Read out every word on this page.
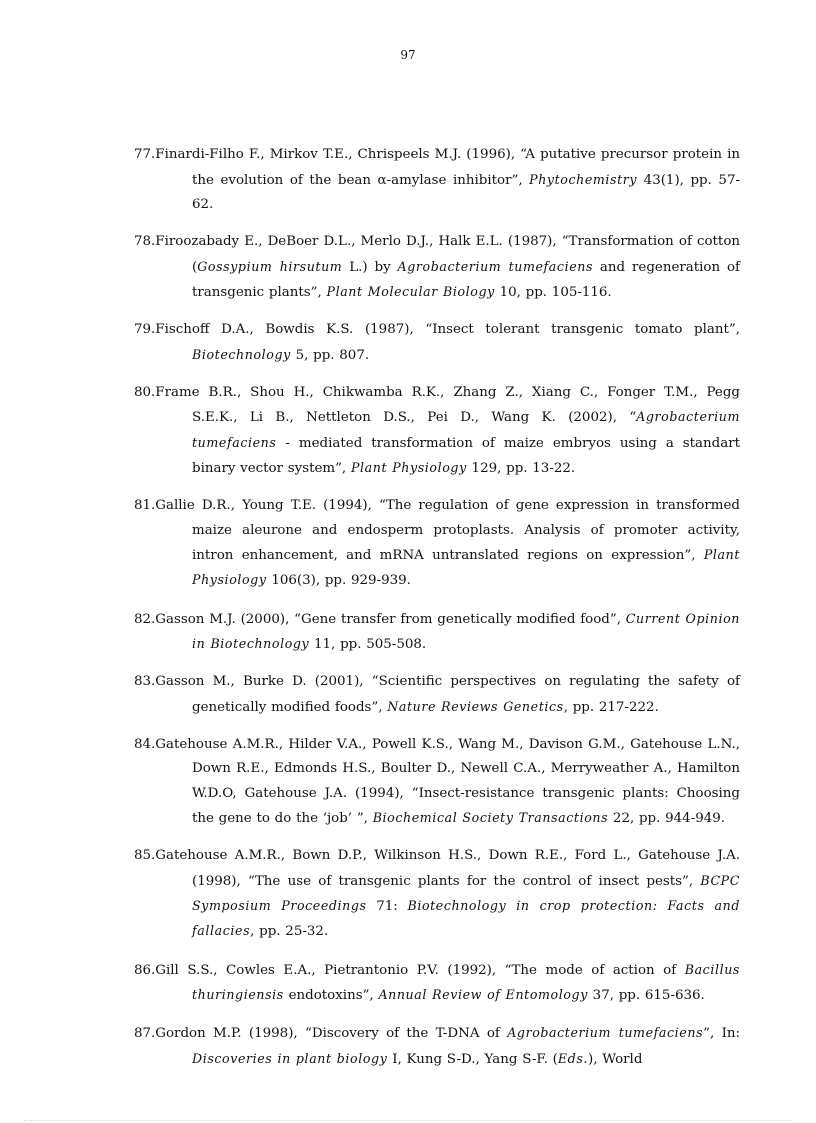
97

77.Finardi-Filho F., Mirkov T.E., Chrispeels M.J. (1996), “A putative precursor protein in the evolution of the bean α-amylase inhibitor”, Phytochemistry 43(1), pp. 57-62.

78.Firoozabady E., DeBoer D.L., Merlo D.J., Halk E.L. (1987), “Transformation of cotton (Gossypium hirsutum L.) by Agrobacterium tumefaciens and regeneration of transgenic plants”, Plant Molecular Biology 10, pp. 105-116.

79.Fischoff D.A., Bowdis K.S. (1987), “Insect tolerant transgenic tomato plant”, Biotechnology 5, pp. 807.

80.Frame B.R., Shou H., Chikwamba R.K., Zhang Z., Xiang C., Fonger T.M., Pegg S.E.K., Li B., Nettleton D.S., Pei D., Wang K. (2002), “Agrobacterium tumefaciens - mediated transformation of maize embryos using a standart binary vector system”, Plant Physiology 129, pp. 13-22.

81.Gallie D.R., Young T.E. (1994), “The regulation of gene expression in transformed maize aleurone and endosperm protoplasts. Analysis of promoter activity, intron enhancement, and mRNA untranslated regions on expression”, Plant Physiology 106(3), pp. 929-939.

82.Gasson M.J. (2000), “Gene transfer from genetically modified food”, Current Opinion in Biotechnology 11, pp. 505-508.

83.Gasson M., Burke D. (2001), “Scientific perspectives on regulating the safety of genetically modified foods”, Nature Reviews Genetics, pp. 217-222.

84.Gatehouse A.M.R., Hilder V.A., Powell K.S., Wang M., Davison G.M., Gatehouse L.N., Down R.E., Edmonds H.S., Boulter D., Newell C.A., Merryweather A., Hamilton W.D.O, Gatehouse J.A. (1994), “Insect-resistance transgenic plants: Choosing the gene to do the ‘job’ ”, Biochemical Society Transactions 22, pp. 944-949.

85.Gatehouse A.M.R., Bown D.P., Wilkinson H.S., Down R.E., Ford L., Gatehouse J.A. (1998), “The use of transgenic plants for the control of insect pests”, BCPC Symposium Proceedings 71: Biotechnology in crop protection: Facts and fallacies, pp. 25-32.

86.Gill S.S., Cowles E.A., Pietrantonio P.V. (1992), “The mode of action of Bacillus thuringiensis endotoxins”, Annual Review of Entomology 37, pp. 615-636.

87.Gordon M.P. (1998), “Discovery of the T-DNA of Agrobacterium tumefaciens”, In: Discoveries in plant biology I, Kung S-D., Yang S-F. (Eds.), World
